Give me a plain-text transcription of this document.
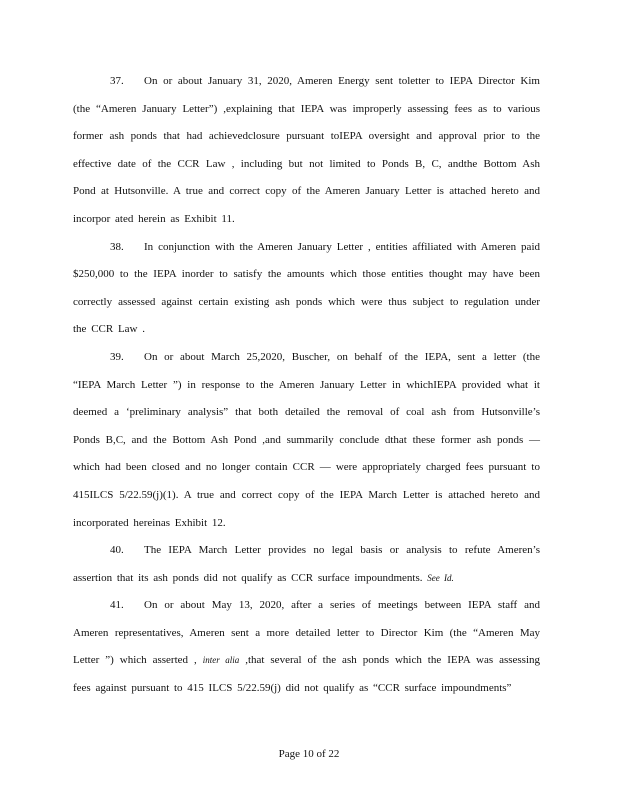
37. On or about January 31, 2020, Ameren Energy sent toletter to IEPA Director Kim (the “Ameren January Letter”) ,explaining that IEPA was improperly assessing fees as to various former ash ponds that had achievedclosure pursuant toIEPA oversight and approval prior to the effective date of the CCR Law , including but not limited to Ponds B, C, andthe Bottom Ash Pond at Hutsonville. A true and correct copy of the Ameren January Letter is attached hereto and incorpor ated herein as Exhibit 11.

38. In conjunction with the Ameren January Letter , entities affiliated with Ameren paid $250,000 to the IEPA inorder to satisfy the amounts which those entities thought may have been correctly assessed against certain existing ash ponds which were thus subject to regulation under the CCR Law .

39. On or about March 25,2020, Buscher, on behalf of the IEPA, sent a letter (the “IEPA March Letter ”) in response to the Ameren January Letter in whichIEPA provided what it deemed a ‘preliminary analysis” that both detailed the removal of coal ash from Hutsonville’s Ponds B,C, and the Bottom Ash Pond ,and summarily conclude dthat these former ash ponds — which had been closed and no longer contain CCR — were appropriately charged fees pursuant to 415ILCS 5/22.59(j)(1). A true and correct copy of the IEPA March Letter is attached hereto and incorporated hereinas Exhibit 12.

40. The IEPA March Letter provides no legal basis or analysis to refute Ameren’s assertion that its ash ponds did not qualify as CCR surface impoundments. See Id.

41. On or about May 13, 2020, after a series of meetings between IEPA staff and Ameren representatives, Ameren sent a more detailed letter to Director Kim (the “Ameren May Letter ”) which asserted , inter alia ,that several of the ash ponds which the IEPA was assessing fees against pursuant to 415 ILCS 5/22.59(j) did not qualify as “CCR surface impoundments”

Page 10 of 22
